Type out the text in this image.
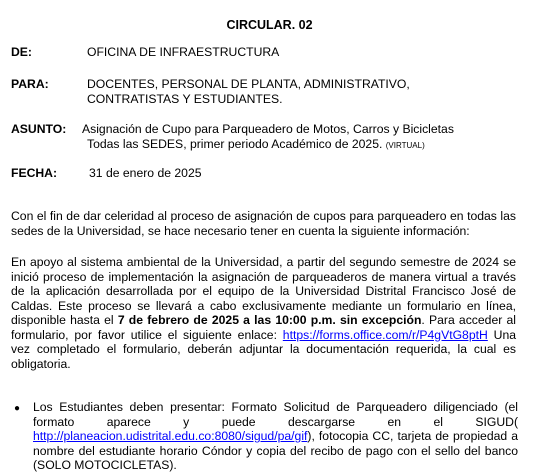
CIRCULAR. 02
DE:	OFICINA DE INFRAESTRUCTURA
PARA:	DOCENTES, PERSONAL DE PLANTA, ADMINISTRATIVO,
CONTRATISTAS Y ESTUDIANTES.
ASUNTO: Asignación de Cupo para Parqueadero de Motos, Carros y Bicicletas
Todas las SEDES, primer periodo Académico de 2025. (VIRTUAL)
FECHA:	31 de enero de 2025
Con el fin de dar celeridad al proceso de asignación de cupos para parqueadero en todas las sedes de la Universidad, se hace necesario tener en cuenta la siguiente información:
En apoyo al sistema ambiental de la Universidad, a partir del segundo semestre de 2024 se inició proceso de implementación la asignación de parqueaderos de manera virtual a través de la aplicación desarrollada por el equipo de la Universidad Distrital Francisco José de Caldas. Este proceso se llevará a cabo exclusivamente mediante un formulario en línea, disponible hasta el 7 de febrero de 2025 a las 10:00 p.m. sin excepción. Para acceder al formulario, por favor utilice el siguiente enlace: https://forms.office.com/r/P4gVtG8ptH Una vez completado el formulario, deberán adjuntar la documentación requerida, la cual es obligatoria.
● Los Estudiantes deben presentar: Formato Solicitud de Parqueadero diligenciado (el formato aparece y puede descargarse en el SIGUD( http://planeacion.udistrital.edu.co:8080/sigud/pa/gif), fotocopia CC, tarjeta de propiedad a nombre del estudiante horario Cóndor y copia del recibo de pago con el sello del banco (SOLO MOTOCICLETAS).
